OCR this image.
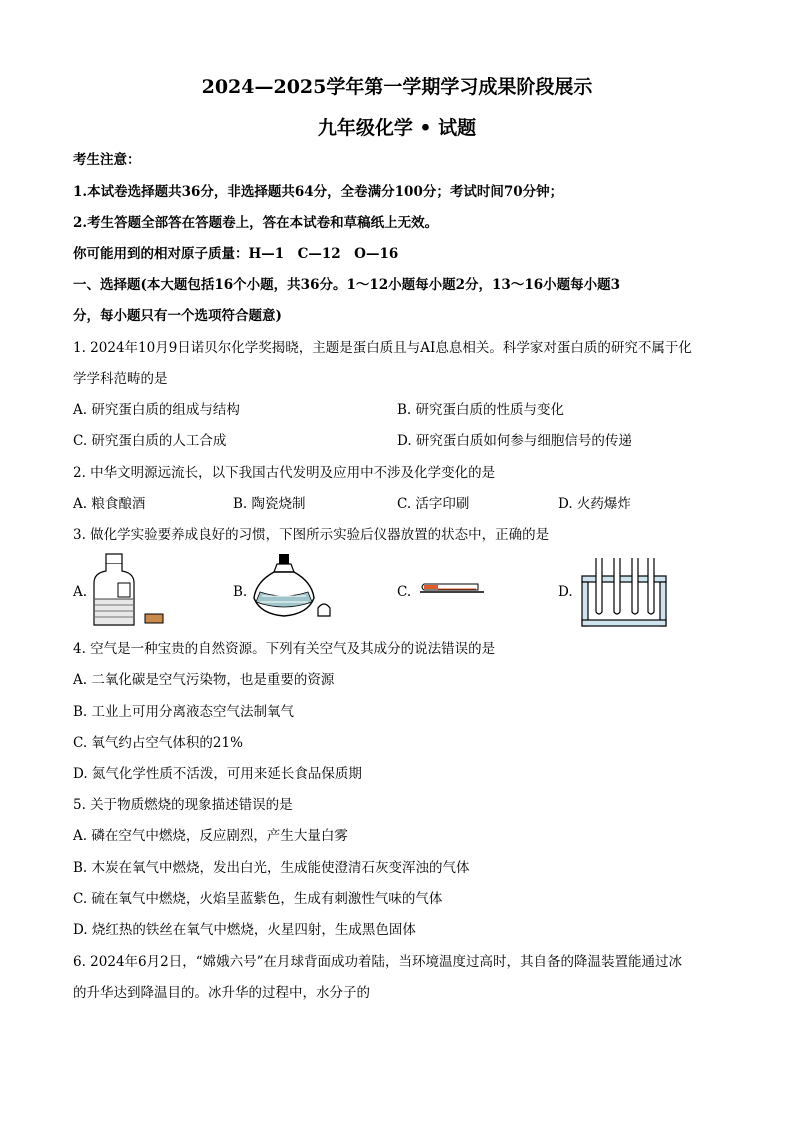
2024—2025学年第一学期学习成果阶段展示
九年级化学 • 试题
考生注意：
1.本试卷选择题共36分，非选择题共64分，全卷满分100分；考试时间70分钟；
2.考生答题全部答在答题卷上，答在本试卷和草稿纸上无效。
你可能用到的相对原子质量：H—1　C—12　O—16
一、选择题(本大题包括16个小题，共36分。1～12小题每小题2分，13～16小题每小题3
分，每小题只有一个选项符合题意)
1. 2024年10月9日诺贝尔化学奖揭晓，主题是蛋白质且与AI息息相关。科学家对蛋白质的研究不属于化
学学科范畴的是
A. 研究蛋白质的组成与结构	B. 研究蛋白质的性质与变化
C. 研究蛋白质的人工合成	D. 研究蛋白质如何参与细胞信号的传递
2. 中华文明源远流长，以下我国古代发明及应用中不涉及化学变化的是
A. 粮食酿酒	B. 陶瓷烧制	C. 活字印刷	D. 火药爆炸
3. 做化学实验要养成良好的习惯，下图所示实验后仪器放置的状态中，正确的是
A.	B.	C.	D.
4. 空气是一种宝贵的自然资源。下列有关空气及其成分的说法错误的是
A. 二氧化碳是空气污染物，也是重要的资源
B. 工业上可用分离液态空气法制氧气
C. 氧气约占空气体积的21%
D. 氮气化学性质不活泼，可用来延长食品保质期
5. 关于物质燃烧的现象描述错误的是
A. 磷在空气中燃烧，反应剧烈，产生大量白雾
B. 木炭在氧气中燃烧，发出白光，生成能使澄清石灰变浑浊的气体
C. 硫在氧气中燃烧，火焰呈蓝紫色，生成有刺激性气味的气体
D. 烧红热的铁丝在氧气中燃烧，火星四射，生成黑色固体
6. 2024年6月2日，“嫦娥六号”在月球背面成功着陆，当环境温度过高时，其自备的降温装置能通过冰
的升华达到降温目的。冰升华的过程中，水分子的
